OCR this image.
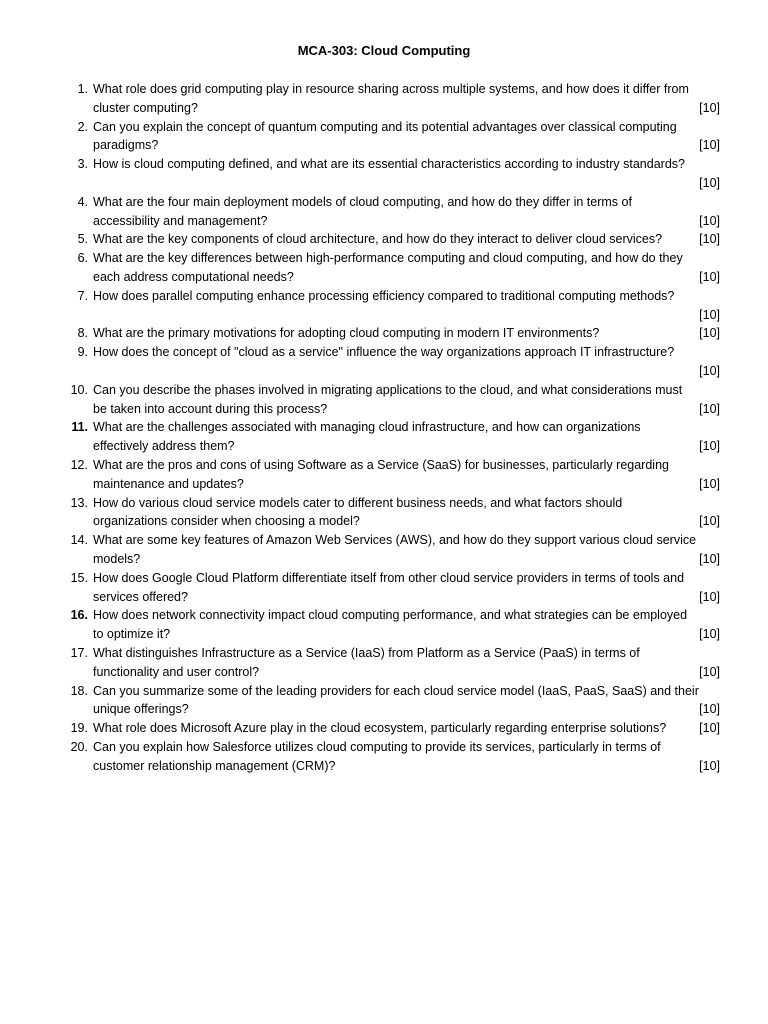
MCA-303: Cloud Computing
1. What role does grid computing play in resource sharing across multiple systems, and how does it differ from
cluster computing?	[10]
2. Can you explain the concept of quantum computing and its potential advantages over classical computing
paradigms?	[10]
3. How is cloud computing defined, and what are its essential characteristics according to industry standards?
[10]
4. What are the four main deployment models of cloud computing, and how do they differ in terms of
accessibility and management?	[10]
5. What are the key components of cloud architecture, and how do they interact to deliver cloud services?	[10]
6. What are the key differences between high-performance computing and cloud computing, and how do they
each address computational needs?	[10]
7. How does parallel computing enhance processing efficiency compared to traditional computing methods?
[10]
8. What are the primary motivations for adopting cloud computing in modern IT environments?	[10]
9. How does the concept of "cloud as a service" influence the way organizations approach IT infrastructure?
[10]
10. Can you describe the phases involved in migrating applications to the cloud, and what considerations must
be taken into account during this process?	[10]
11. What are the challenges associated with managing cloud infrastructure, and how can organizations
effectively address them?	[10]
12. What are the pros and cons of using Software as a Service (SaaS) for businesses, particularly regarding
maintenance and updates?	[10]
13. How do various cloud service models cater to different business needs, and what factors should
organizations consider when choosing a model?	[10]
14. What are some key features of Amazon Web Services (AWS), and how do they support various cloud service
models?	[10]
15. How does Google Cloud Platform differentiate itself from other cloud service providers in terms of tools and
services offered?	[10]
16. How does network connectivity impact cloud computing performance, and what strategies can be employed
to optimize it?	[10]
17. What distinguishes Infrastructure as a Service (IaaS) from Platform as a Service (PaaS) in terms of
functionality and user control?	[10]
18. Can you summarize some of the leading providers for each cloud service model (IaaS, PaaS, SaaS) and their
unique offerings?	[10]
19. What role does Microsoft Azure play in the cloud ecosystem, particularly regarding enterprise solutions?	[10]
20. Can you explain how Salesforce utilizes cloud computing to provide its services, particularly in terms of
customer relationship management (CRM)?	[10]
